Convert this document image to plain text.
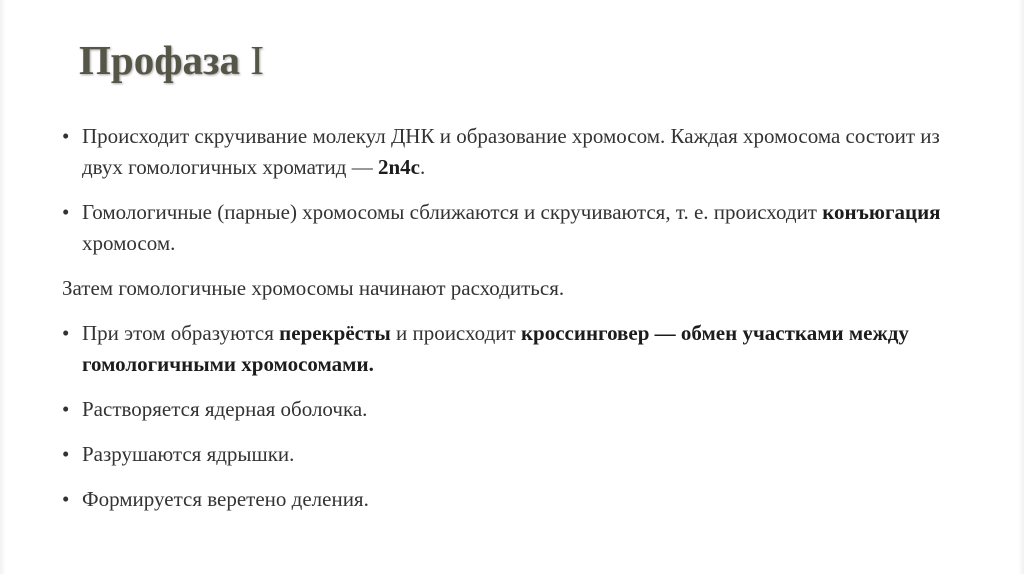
Профаза I

• Происходит скручивание молекул ДНК и образование хромосом. Каждая хромосома состоит из двух гомологичных хроматид — 2n4c.

• Гомологичные (парные) хромосомы сближаются и скручиваются, т. е. происходит конъюгация хромосом.

Затем гомологичные хромосомы начинают расходиться.

• При этом образуются перекрёсты и происходит кроссинговер — обмен участками между гомологичными хромосомами.

• Растворяется ядерная оболочка.

• Разрушаются ядрышки.

• Формируется веретено деления.
